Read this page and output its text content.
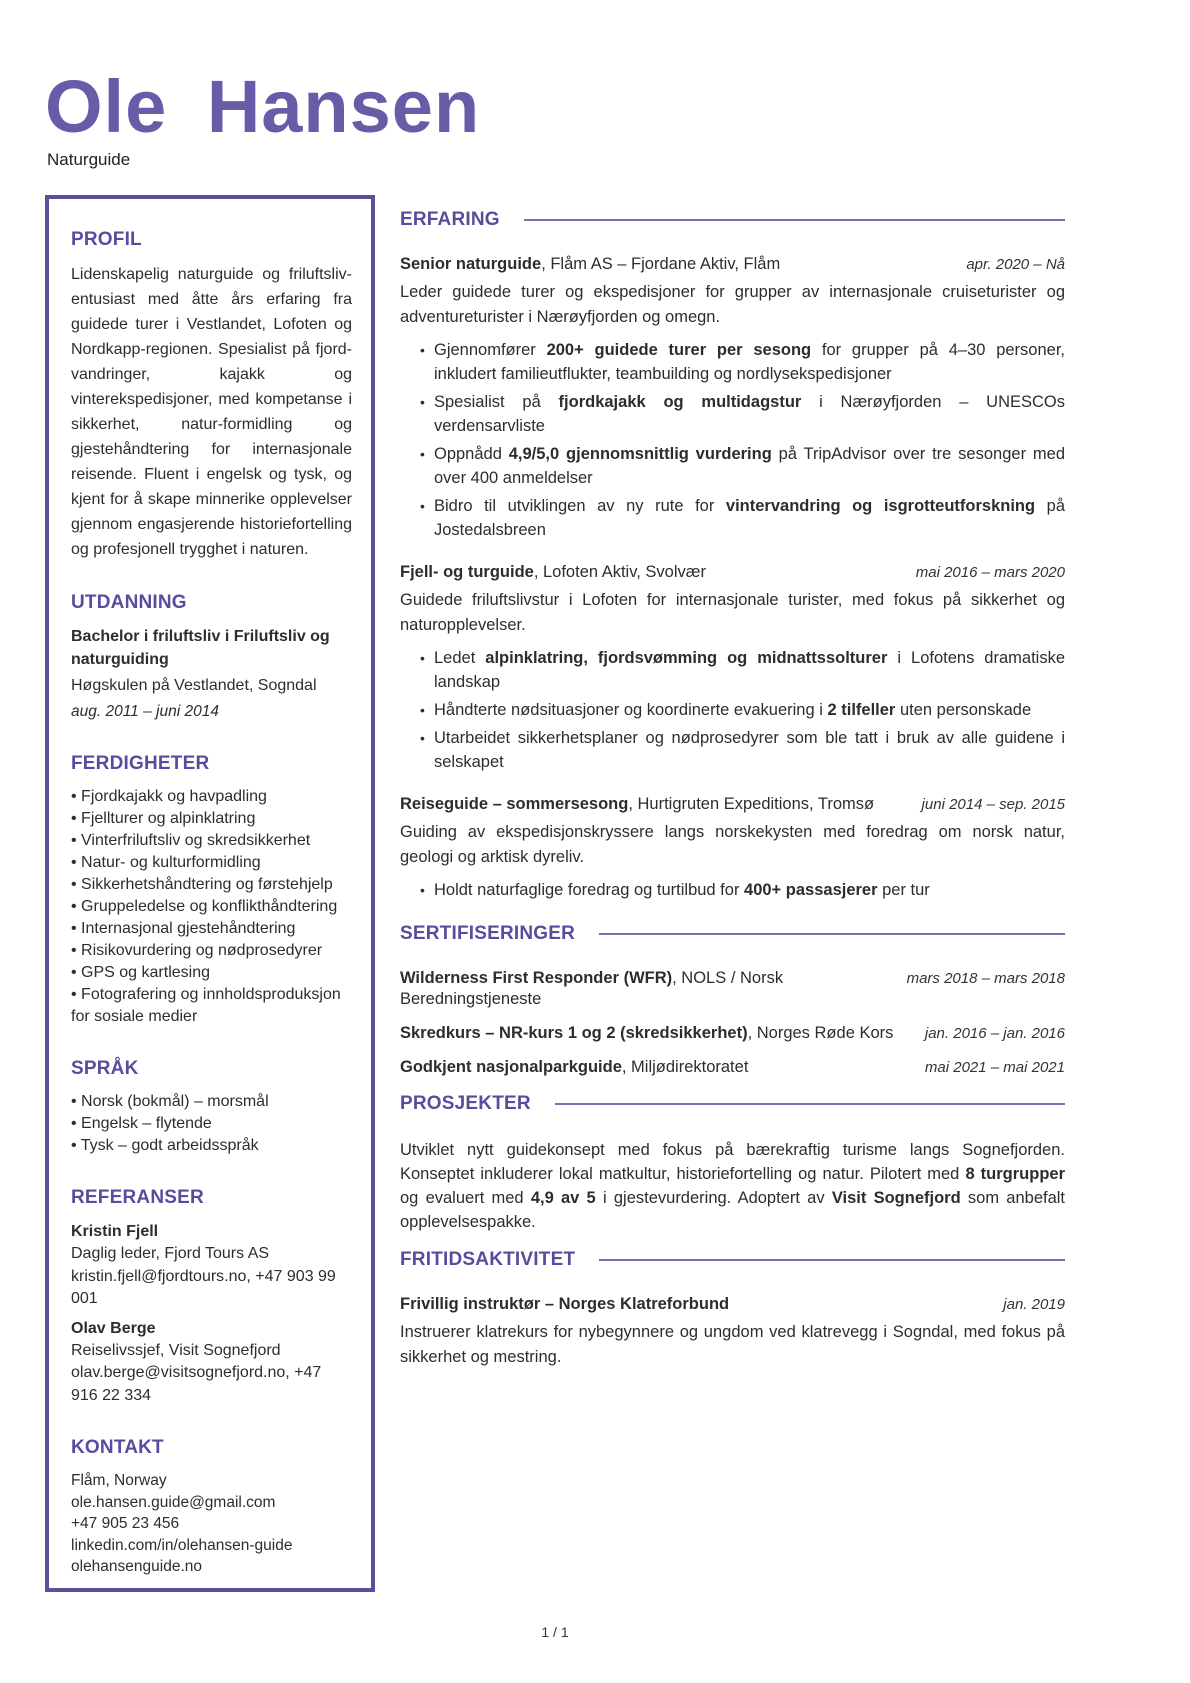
Ole Hansen
Naturguide
PROFIL

Lidenskapelig naturguide og friluftsliv-entusiast med åtte års erfaring fra guidede turer i Vestlandet, Lofoten og Nordkapp-regionen. Spesialist på fjord-vandringer, kajakk og vinterekspedisjoner, med kompetanse i sikkerhet, natur-formidling og gjestehåndtering for internasjonale reisende. Fluent i engelsk og tysk, og kjent for å skape minnerike opplevelser gjennom engasjerende historiefortelling og profesjonell trygghet i naturen.

UTDANNING
Bachelor i friluftsliv i Friluftsliv og naturguiding
Høgskulen på Vestlandet, Sogndal
aug. 2011 – juni 2014
FERDIGHETER
• Fjordkajakk og havpadling
• Fjellturer og alpinklatring
• Vinterfriluftsliv og skredsikkerhet
• Natur- og kulturformidling
• Sikkerhetshåndtering og førstehjelp
• Gruppeledelse og konflikthåndtering
• Internasjonal gjestehåndtering
• Risikovurdering og nødprosedyrer
• GPS og kartlesing
• Fotografering og innholdsproduksjon for sosiale medier
SPRÅK
• Norsk (bokmål) – morsmål
• Engelsk – flytende
• Tysk – godt arbeidsspråk
REFERANSER
Kristin Fjell
Daglig leder, Fjord Tours AS
kristin.fjell@fjordtours.no, +47 903 99 001
Olav Berge
Reiselivssjef, Visit Sognefjord
olav.berge@visitsognefjord.no, +47 916 22 334
KONTAKT
Flåm, Norway
ole.hansen.guide@gmail.com
+47 905 23 456
linkedin.com/in/olehansen-guide
olehansenguide.no
ERFARING
Senior naturguide, Flåm AS – Fjordane Aktiv, Flåm	apr. 2020 – Nå

Leder guidede turer og ekspedisjoner for grupper av internasjonale cruiseturister og adventureturister i Nærøyfjorden og omegn.

• Gjennomfører 200+ guidede turer per sesong for grupper på 4–30 personer, inkludert familieutflukter, teambuilding og nordlysekspedisjoner
• Spesialist på fjordkajakk og multidagstur i Nærøyfjorden – UNESCOs verdensarvliste
• Oppnådd 4,9/5,0 gjennomsnittlig vurdering på TripAdvisor over tre sesonger med over 400 anmeldelser
• Bidro til utviklingen av ny rute for vintervandring og isgrotteutforskning på Jostedalsbreen
Fjell- og turguide, Lofoten Aktiv, Svolvær	mai 2016 – mars 2020

Guidede friluftslivstur i Lofoten for internasjonale turister, med fokus på sikkerhet og naturopplevelser.

• Ledet alpinklatring, fjordsvømming og midnattssolturer i Lofotens dramatiske landskap
• Håndterte nødsituasjoner og koordinerte evakuering i 2 tilfeller uten personskade
• Utarbeidet sikkerhetsplaner og nødprosedyrer som ble tatt i bruk av alle guidene i selskapet
Reiseguide – sommersesong, Hurtigruten Expeditions, Tromsø	juni 2014 – sep. 2015

Guiding av ekspedisjonskryssere langs norskekysten med foredrag om norsk natur, geologi og arktisk dyreliv.

• Holdt naturfaglige foredrag og turtilbud for 400+ passasjerer per tur
SERTIFISERINGER
Wilderness First Responder (WFR), NOLS / Norsk Beredningstjeneste
mars 2018 – mars 2018
Skredkurs – NR-kurs 1 og 2 (skredsikkerhet), Norges Røde Kors jan. 2016 – jan. 2016
Godkjent nasjonalparkguide, Miljødirektoratet	mai 2021 – mai 2021
PROSJEKTER

Utviklet nytt guidekonsept med fokus på bærekraftig turisme langs Sognefjorden. Konseptet inkluderer lokal matkultur, historiefortelling og natur. Pilotert med 8 turgrupper og evaluert med 4,9 av 5 i gjestevurdering. Adoptert av Visit Sognefjord som anbefalt opplevelsespakke.

FRITIDSAKTIVITET
Frivillig instruktør – Norges Klatreforbund	jan. 2019

Instruerer klatrekurs for nybegynnere og ungdom ved klatrevegg i Sogndal, med fokus på sikkerhet og mestring.

1 / 1
